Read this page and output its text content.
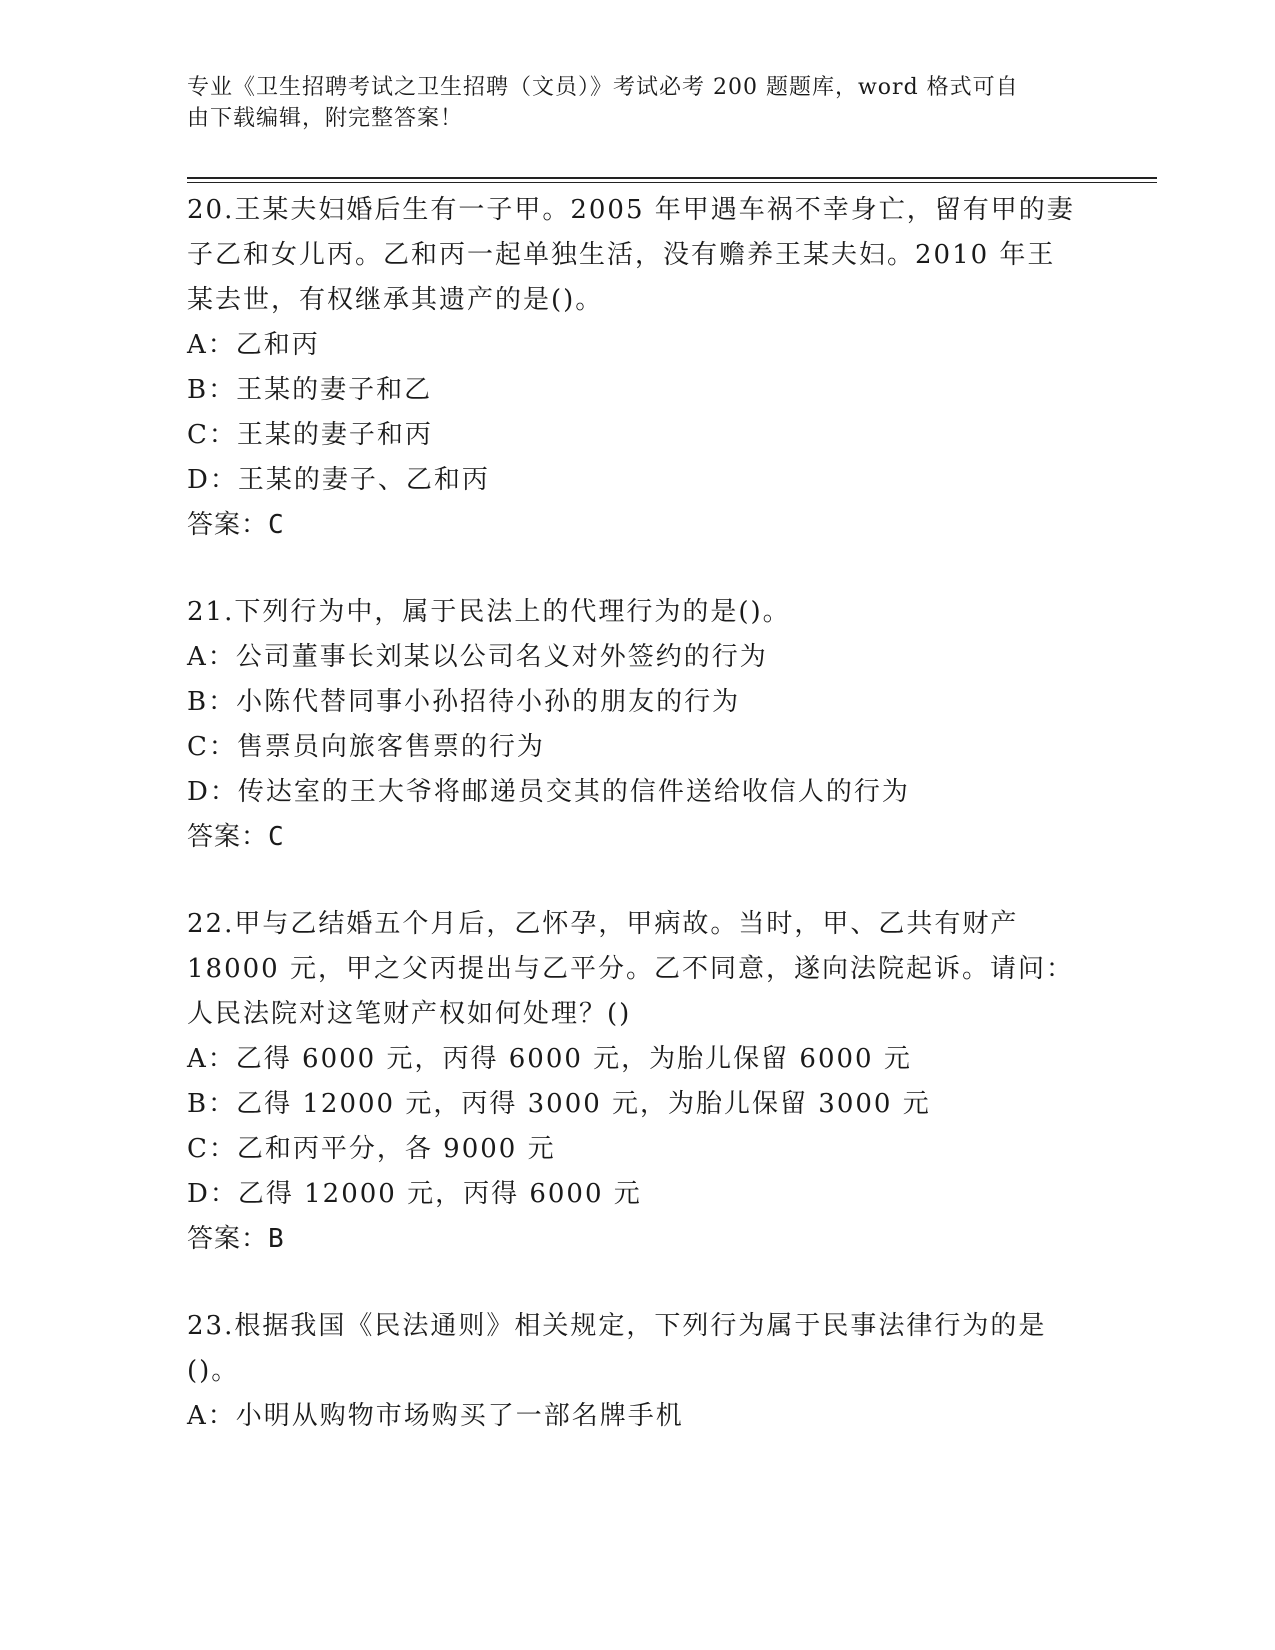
专业《卫生招聘考试之卫生招聘（文员）》考试必考 200 题题库，word 格式可自
由下载编辑，附完整答案！
20.王某夫妇婚后生有一子甲。2005 年甲遇车祸不幸身亡，留有甲的妻
子乙和女儿丙。乙和丙一起单独生活，没有赡养王某夫妇。2010 年王
某去世，有权继承其遗产的是()。
A：乙和丙
B：王某的妻子和乙
C：王某的妻子和丙
D：王某的妻子、乙和丙
答案：C
21.下列行为中，属于民法上的代理行为的是()。
A：公司董事长刘某以公司名义对外签约的行为
B：小陈代替同事小孙招待小孙的朋友的行为
C：售票员向旅客售票的行为
D：传达室的王大爷将邮递员交其的信件送给收信人的行为
答案：C
22.甲与乙结婚五个月后，乙怀孕，甲病故。当时，甲、乙共有财产
18000 元，甲之父丙提出与乙平分。乙不同意，遂向法院起诉。请问：
人民法院对这笔财产权如何处理？()
A：乙得 6000 元，丙得 6000 元，为胎儿保留 6000 元
B：乙得 12000 元，丙得 3000 元，为胎儿保留 3000 元
C：乙和丙平分，各 9000 元
D：乙得 12000 元，丙得 6000 元
答案：B
23.根据我国《民法通则》相关规定，下列行为属于民事法律行为的是
()。
A：小明从购物市场购买了一部名牌手机
